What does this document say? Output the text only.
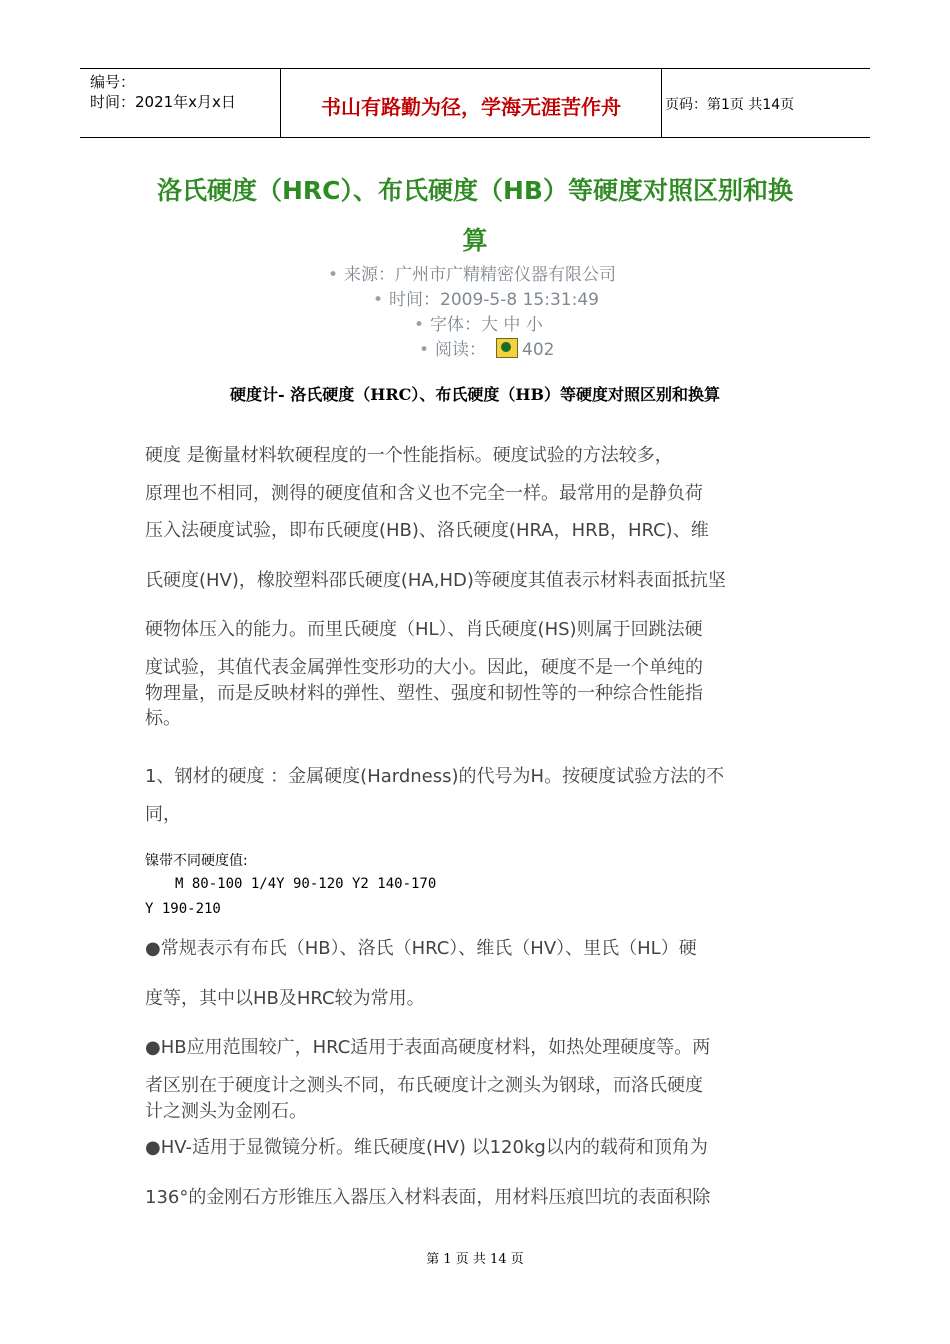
编号：
时间：2021年x月x日	书山有路勤为径，学海无涯苦作舟	页码：第1页 共14页
洛氏硬度（HRC）、布氏硬度（HB）等硬度对照区别和换
算
• 来源：广州市广精精密仪器有限公司
• 时间：2009-5-8 15:31:49
• 字体：大 中 小
• 阅读： 402
硬度计- 洛氏硬度（HRC）、布氏硬度（HB）等硬度对照区别和换算
硬度 是衡量材料软硬程度的一个性能指标。硬度试验的方法较多，
原理也不相同，测得的硬度值和含义也不完全一样。最常用的是静负荷
压入法硬度试验，即布氏硬度(HB)、洛氏硬度(HRA，HRB，HRC)、维
氏硬度(HV)，橡胶塑料邵氏硬度(HA,HD)等硬度其值表示材料表面抵抗坚
硬物体压入的能力。而里氏硬度（HL）、肖氏硬度(HS)则属于回跳法硬
度试验，其值代表金属弹性变形功的大小。因此，硬度不是一个单纯的
物理量，而是反映材料的弹性、塑性、强度和韧性等的一种综合性能指
标。
1、钢材的硬度 ：金属硬度(Hardness)的代号为H。按硬度试验方法的不
同，
镍带不同硬度值:
M 80-100 1/4Y 90-120 Y2 140-170
Y 190-210
●常规表示有布氏（HB）、洛氏（HRC）、维氏（HV）、里氏（HL）硬
度等，其中以HB及HRC较为常用。
●HB应用范围较广，HRC适用于表面高硬度材料，如热处理硬度等。两
者区别在于硬度计之测头不同，布氏硬度计之测头为钢球，而洛氏硬度
计之测头为金刚石。
●HV-适用于显微镜分析。维氏硬度(HV) 以120kg以内的载荷和顶角为
136°的金刚石方形锥压入器压入材料表面，用材料压痕凹坑的表面积除
第 1 页 共 14 页
